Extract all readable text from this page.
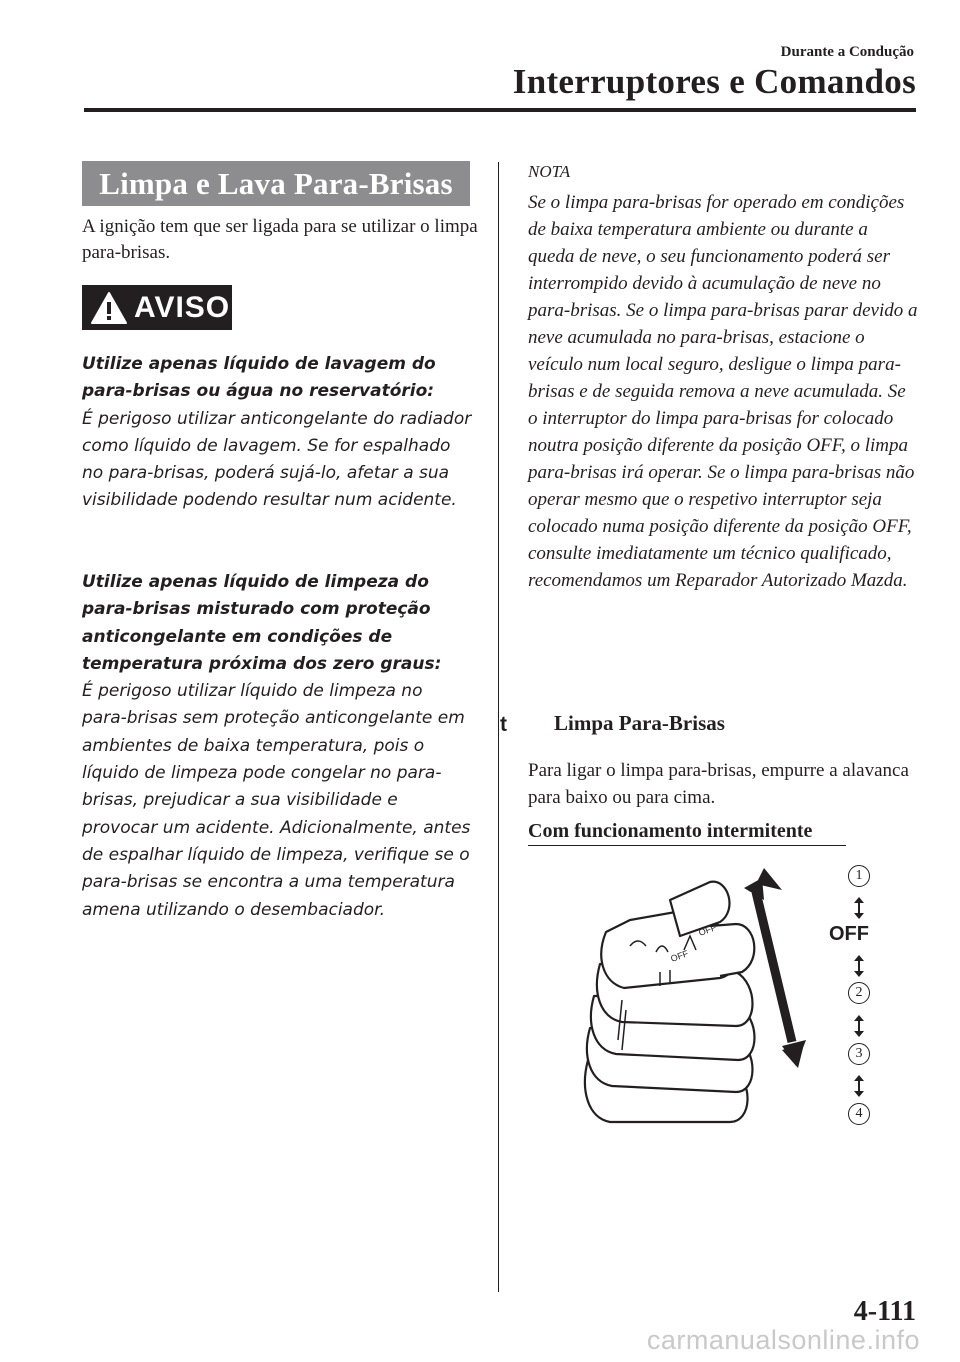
Durante a Condução
Interruptores e Comandos
Limpa e Lava Para-Brisas

A ignição tem que ser ligada para se utilizar o limpa para-brisas.

AVISO

Utilize apenas líquido de lavagem do para-brisas ou água no reservatório:

É perigoso utilizar anticongelante do radiador como líquido de lavagem. Se for espalhado no para-brisas, poderá sujá-lo, afetar a sua visibilidade podendo resultar num acidente.

Utilize apenas líquido de limpeza do para-brisas misturado com proteção anticongelante em condições de temperatura próxima dos zero graus:

É perigoso utilizar líquido de limpeza no para-brisas sem proteção anticongelante em ambientes de baixa temperatura, pois o líquido de limpeza pode congelar no para-brisas, prejudicar a sua visibilidade e provocar um acidente. Adicionalmente, antes de espalhar líquido de limpeza, verifique se o para-brisas se encontra a uma temperatura amena utilizando o desembaciador.

NOTA

Se o limpa para-brisas for operado em condições de baixa temperatura ambiente ou durante a queda de neve, o seu funcionamento poderá ser interrompido devido à acumulação de neve no para-brisas. Se o limpa para-brisas parar devido a neve acumulada no para-brisas, estacione o veículo num local seguro, desligue o limpa para-brisas e de seguida remova a neve acumulada. Se o interruptor do limpa para-brisas for colocado noutra posição diferente da posição OFF, o limpa para-brisas irá operar. Se o limpa para-brisas não operar mesmo que o respetivo interruptor seja colocado numa posição diferente da posição OFF, consulte imediatamente um técnico qualificado, recomendamos um Reparador Autorizado Mazda.

t Limpa Para-Brisas

Para ligar o limpa para-brisas, empurre a alavanca para baixo ou para cima.

Com funcionamento intermitente

OFF
OFF
1
OFF
2
3
4
4-111
carmanualsonline.info
